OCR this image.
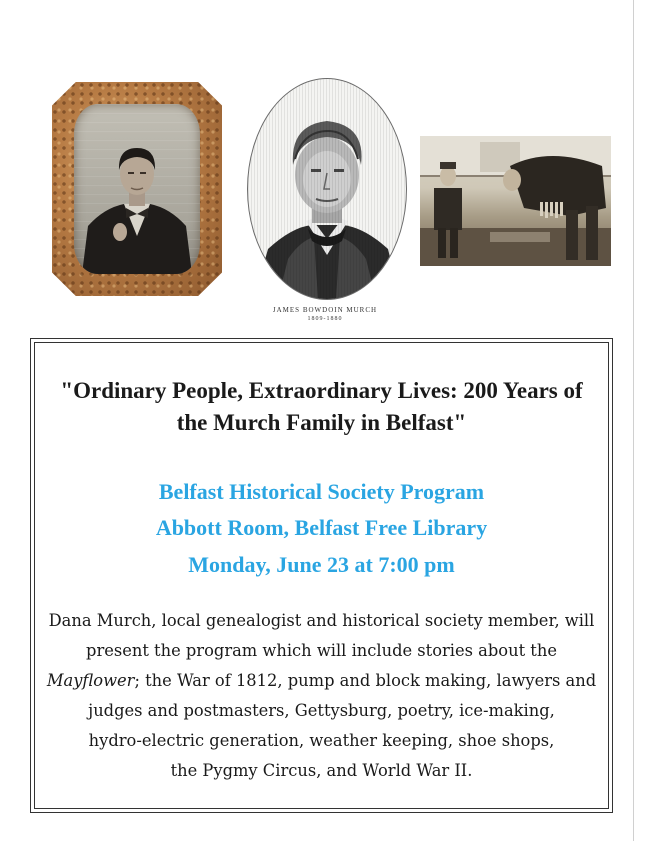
JAMES BOWDOIN MURCH
1809-1880
"Ordinary People, Extraordinary Lives: 200 Years of
the Murch Family in Belfast"
Belfast Historical Society Program
Abbott Room, Belfast Free Library
Monday, June 23 at 7:00 pm
Dana Murch, local genealogist and historical society member, will
present the program which will include stories about the
Mayflower; the War of 1812, pump and block making, lawyers and
judges and postmasters, Gettysburg, poetry, ice-making,
hydro-electric generation, weather keeping, shoe shops,
the Pygmy Circus, and World War II.
